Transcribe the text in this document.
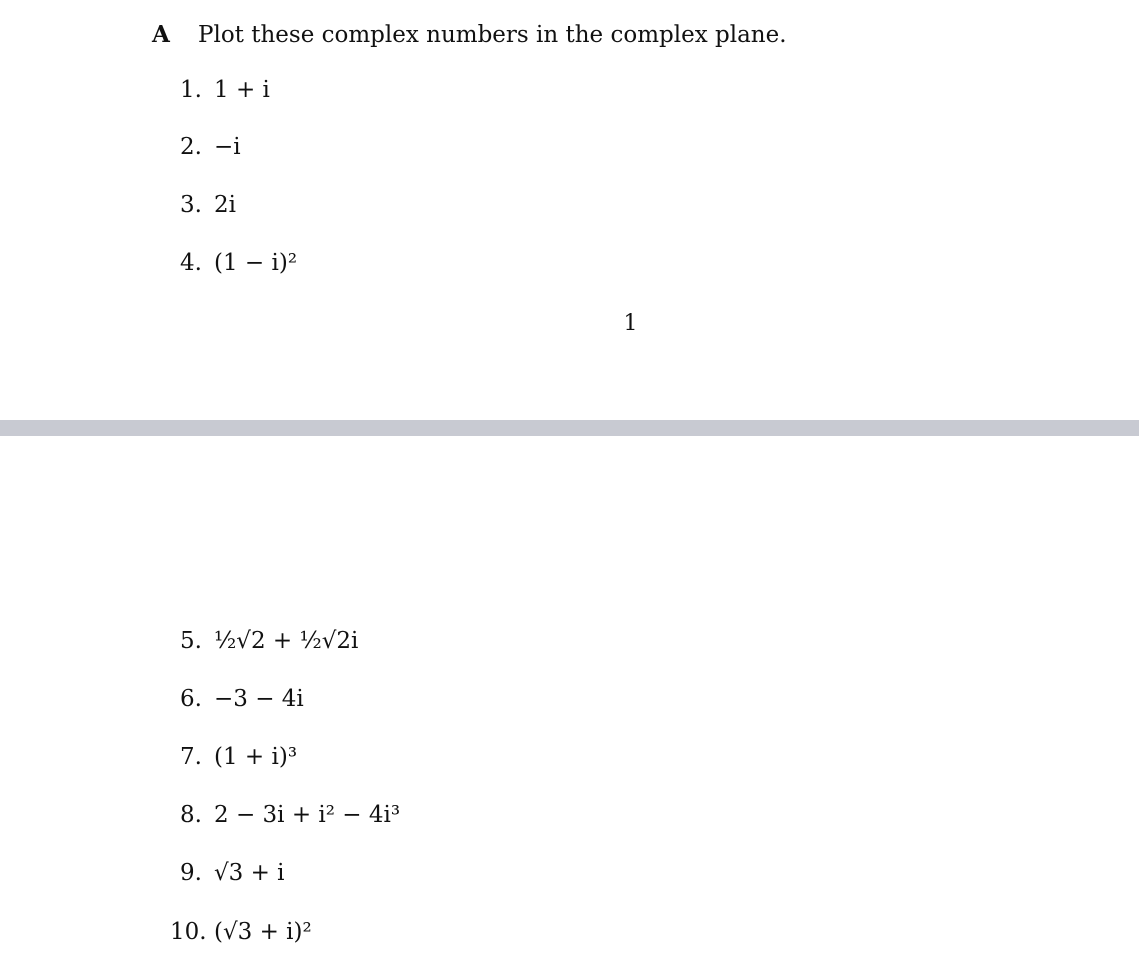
A Plot these complex numbers in the complex plane.
1. 1 + i
2. −i
3. 2i
4. (1 − i)²
1
5. ½√2 + ½√2i
6. −3 − 4i
7. (1 + i)³
8. 2 − 3i + i² − 4i³
9. √3 + i
10. (√3 + i)²
